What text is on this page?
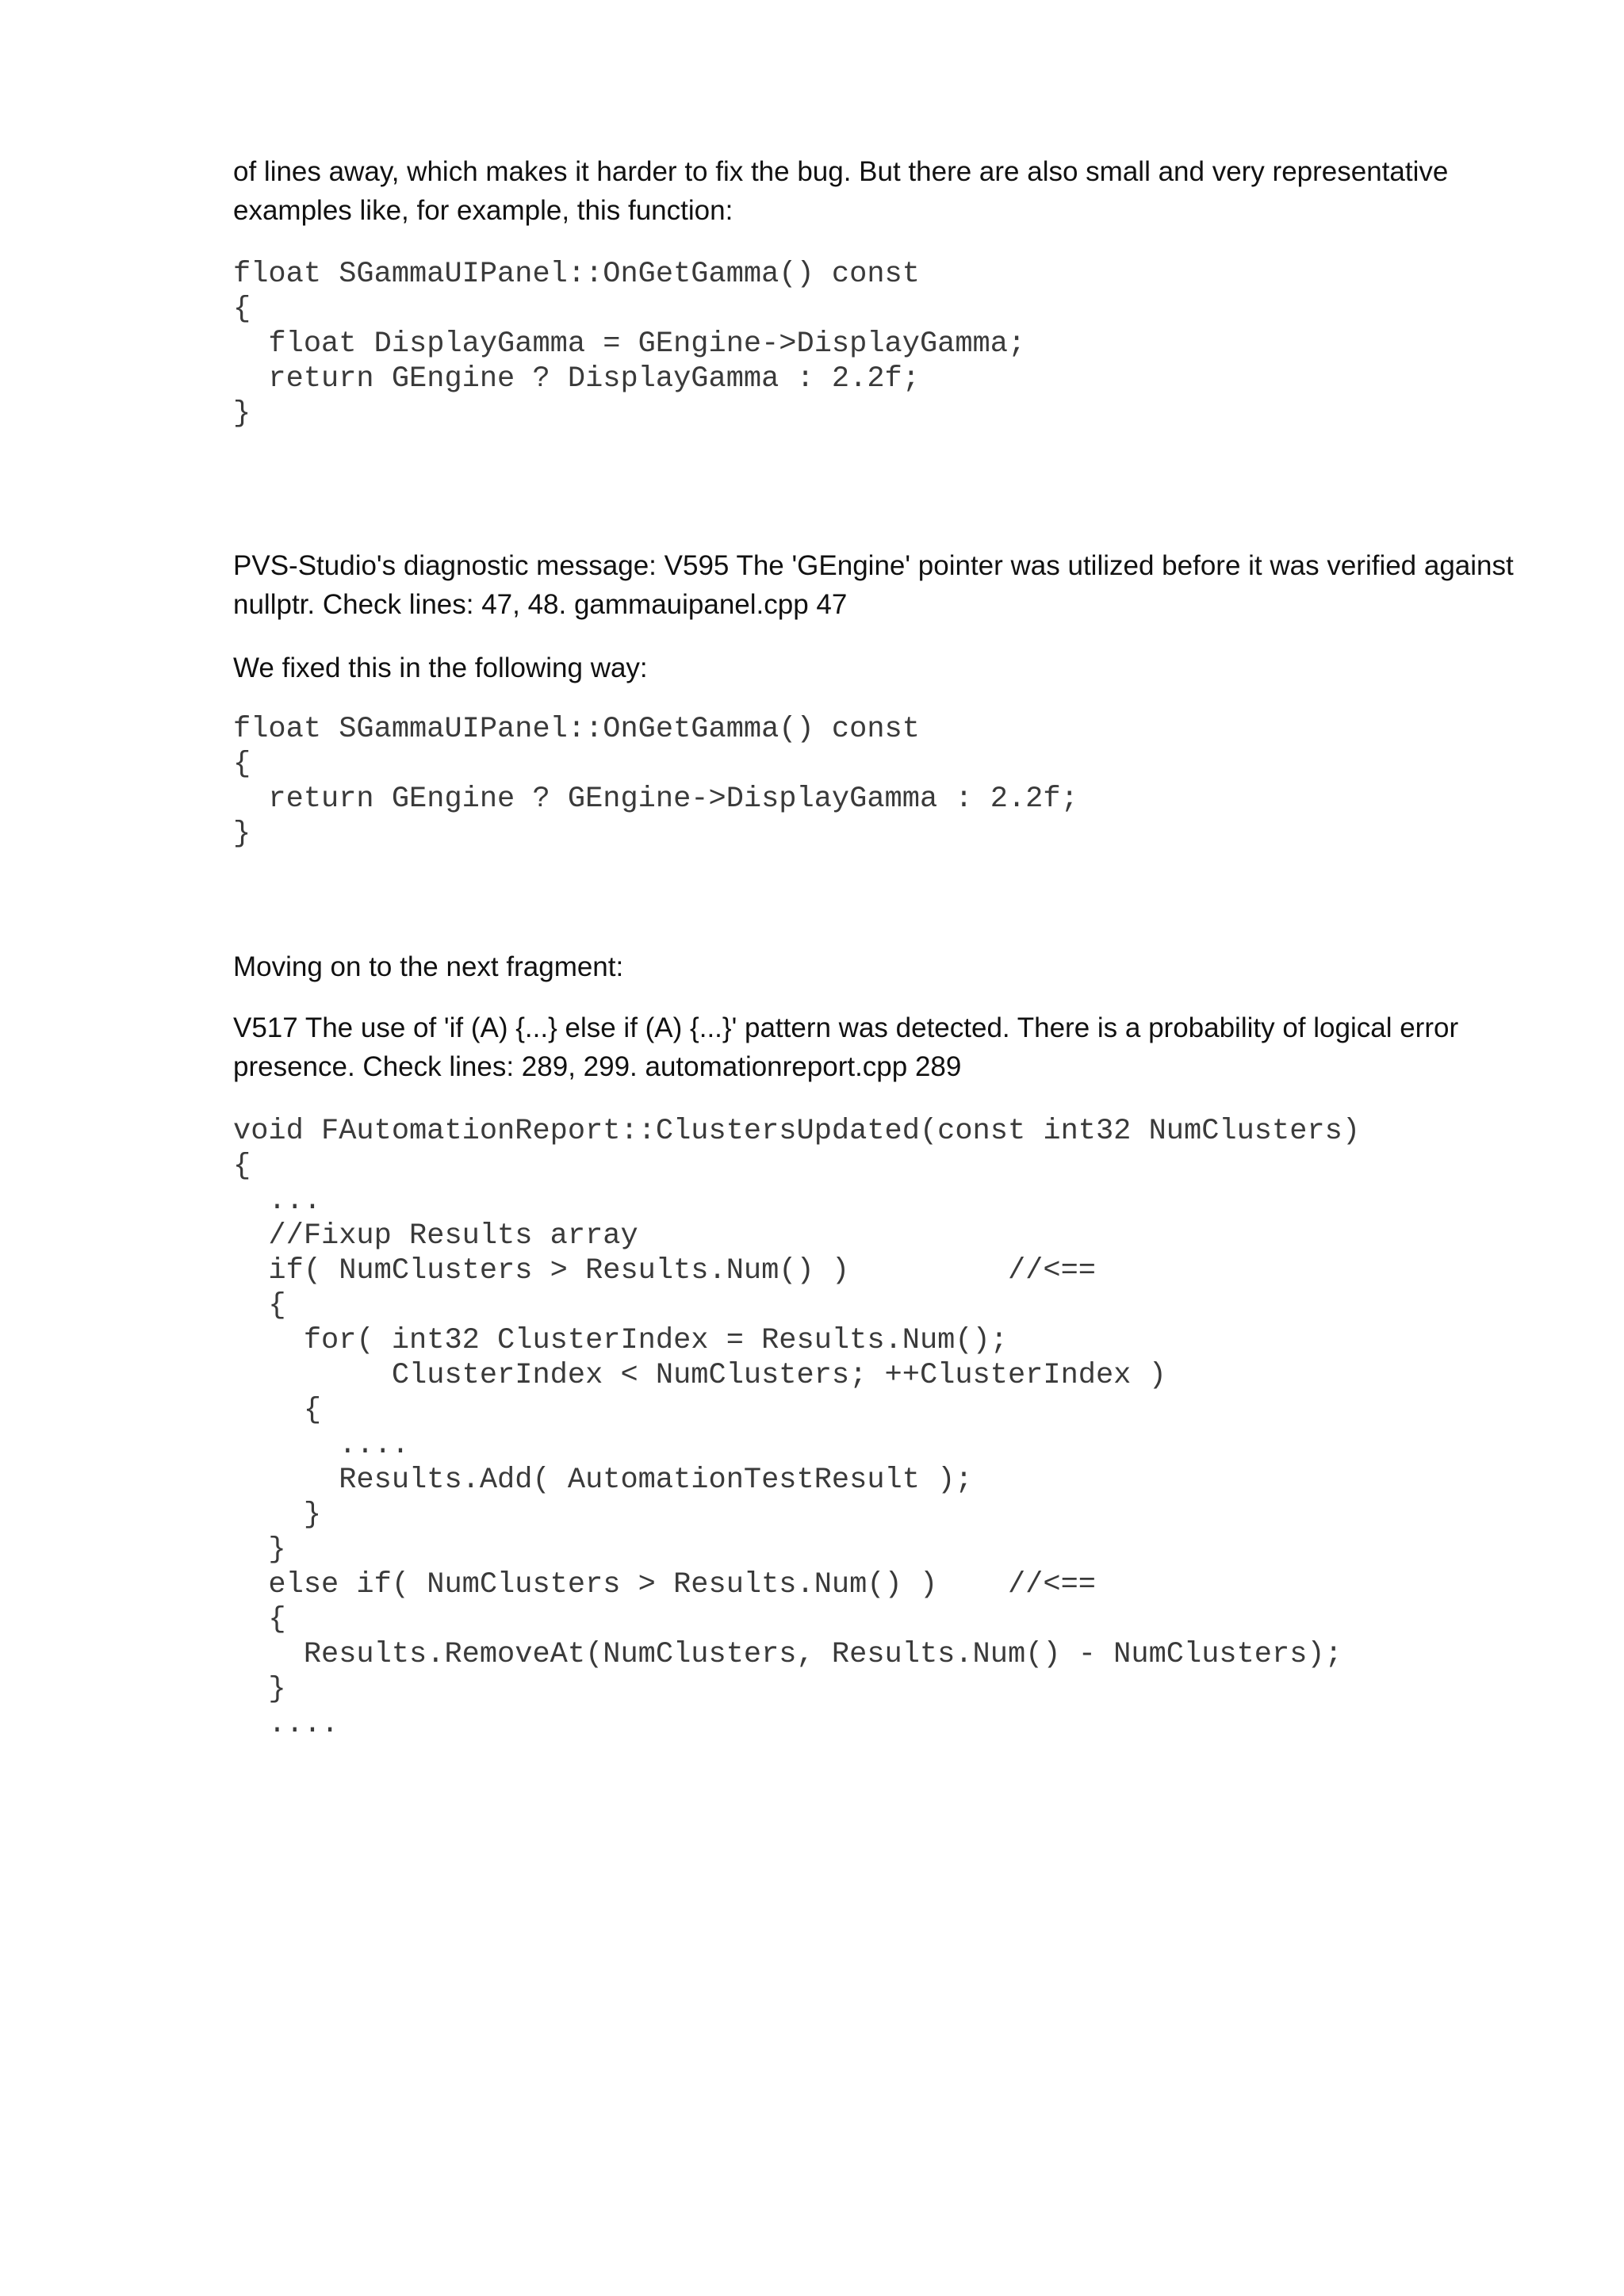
of lines away, which makes it harder to fix the bug. But there are also small and very representative
examples like, for example, this function:

float SGammaUIPanel::OnGetGamma() const
{
float DisplayGamma = GEngine->DisplayGamma;
return GEngine ? DisplayGamma : 2.2f;
}

PVS-Studio's diagnostic message: V595 The 'GEngine' pointer was utilized before it was verified against
nullptr. Check lines: 47, 48. gammauipanel.cpp 47

We fixed this in the following way:

float SGammaUIPanel::OnGetGamma() const
{
return GEngine ? GEngine->DisplayGamma : 2.2f;
}

Moving on to the next fragment:

V517 The use of 'if (A) {...} else if (A) {...}' pattern was detected. There is a probability of logical error
presence. Check lines: 289, 299. automationreport.cpp 289

void FAutomationReport::ClustersUpdated(const int32 NumClusters)
{
...
//Fixup Results array
if( NumClusters > Results.Num() )         //<==
{
for( int32 ClusterIndex = Results.Num();
ClusterIndex < NumClusters; ++ClusterIndex )
{
....
Results.Add( AutomationTestResult );
}
}
else if( NumClusters > Results.Num() )    //<==
{
Results.RemoveAt(NumClusters, Results.Num() - NumClusters);
}
....
